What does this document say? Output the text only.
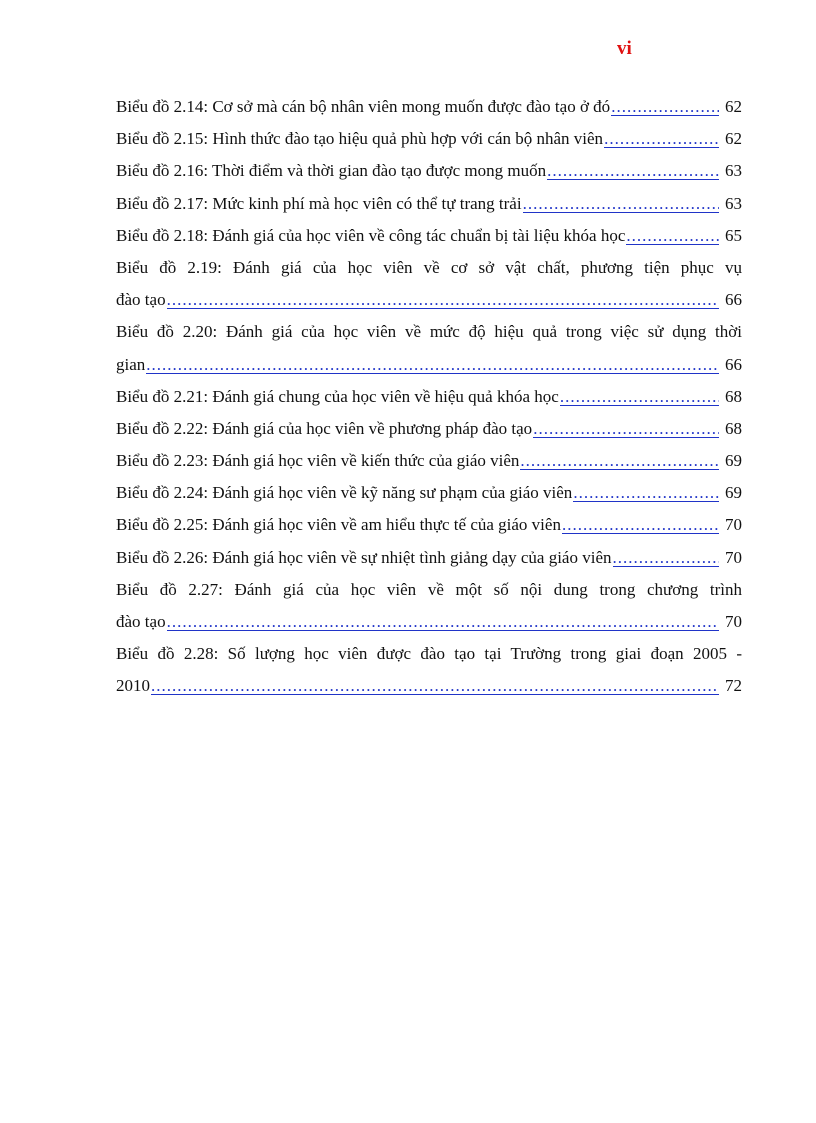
vi
Biểu đồ 2.14: Cơ sở mà cán bộ nhân viên mong muốn được đào tạo ở đó .....	62
Biểu đồ 2.15: Hình thức đào tạo hiệu quả phù hợp với cán bộ nhân viên .....	62
Biểu đồ 2.16: Thời điểm và thời gian đào tạo được mong muốn .....	63
Biểu đồ 2.17: Mức kinh phí mà học viên có thể tự trang trải .....	63
Biểu đồ 2.18: Đánh giá của học viên về công tác chuẩn bị tài liệu khóa học .....	65
Biểu đồ 2.19: Đánh giá của học viên về cơ sở vật chất, phương tiện phục vụ
đào tạo .....	66
Biểu đồ 2.20: Đánh giá của học viên về mức độ hiệu quả trong việc sử dụng thời
gian .....	66
Biểu đồ 2.21: Đánh giá chung của học viên về hiệu quả khóa học .....	68
Biểu đồ 2.22: Đánh giá của học viên về phương pháp đào tạo .....	68
Biểu đồ 2.23: Đánh giá học viên về kiến thức của giáo viên .....	69
Biểu đồ 2.24: Đánh giá học viên về kỹ năng sư phạm của giáo viên .....	69
Biểu đồ 2.25: Đánh giá học viên về am hiểu thực tế của giáo viên .....	70
Biểu đồ 2.26: Đánh giá học viên về sự nhiệt tình giảng dạy của giáo viên .....	70
Biểu đồ 2.27: Đánh giá của học viên về một số nội dung trong chương trình
đào tạo .....	70
Biểu đồ 2.28: Số lượng học viên được đào tạo tại Trường trong giai đoạn 2005 -
2010 .....	72
